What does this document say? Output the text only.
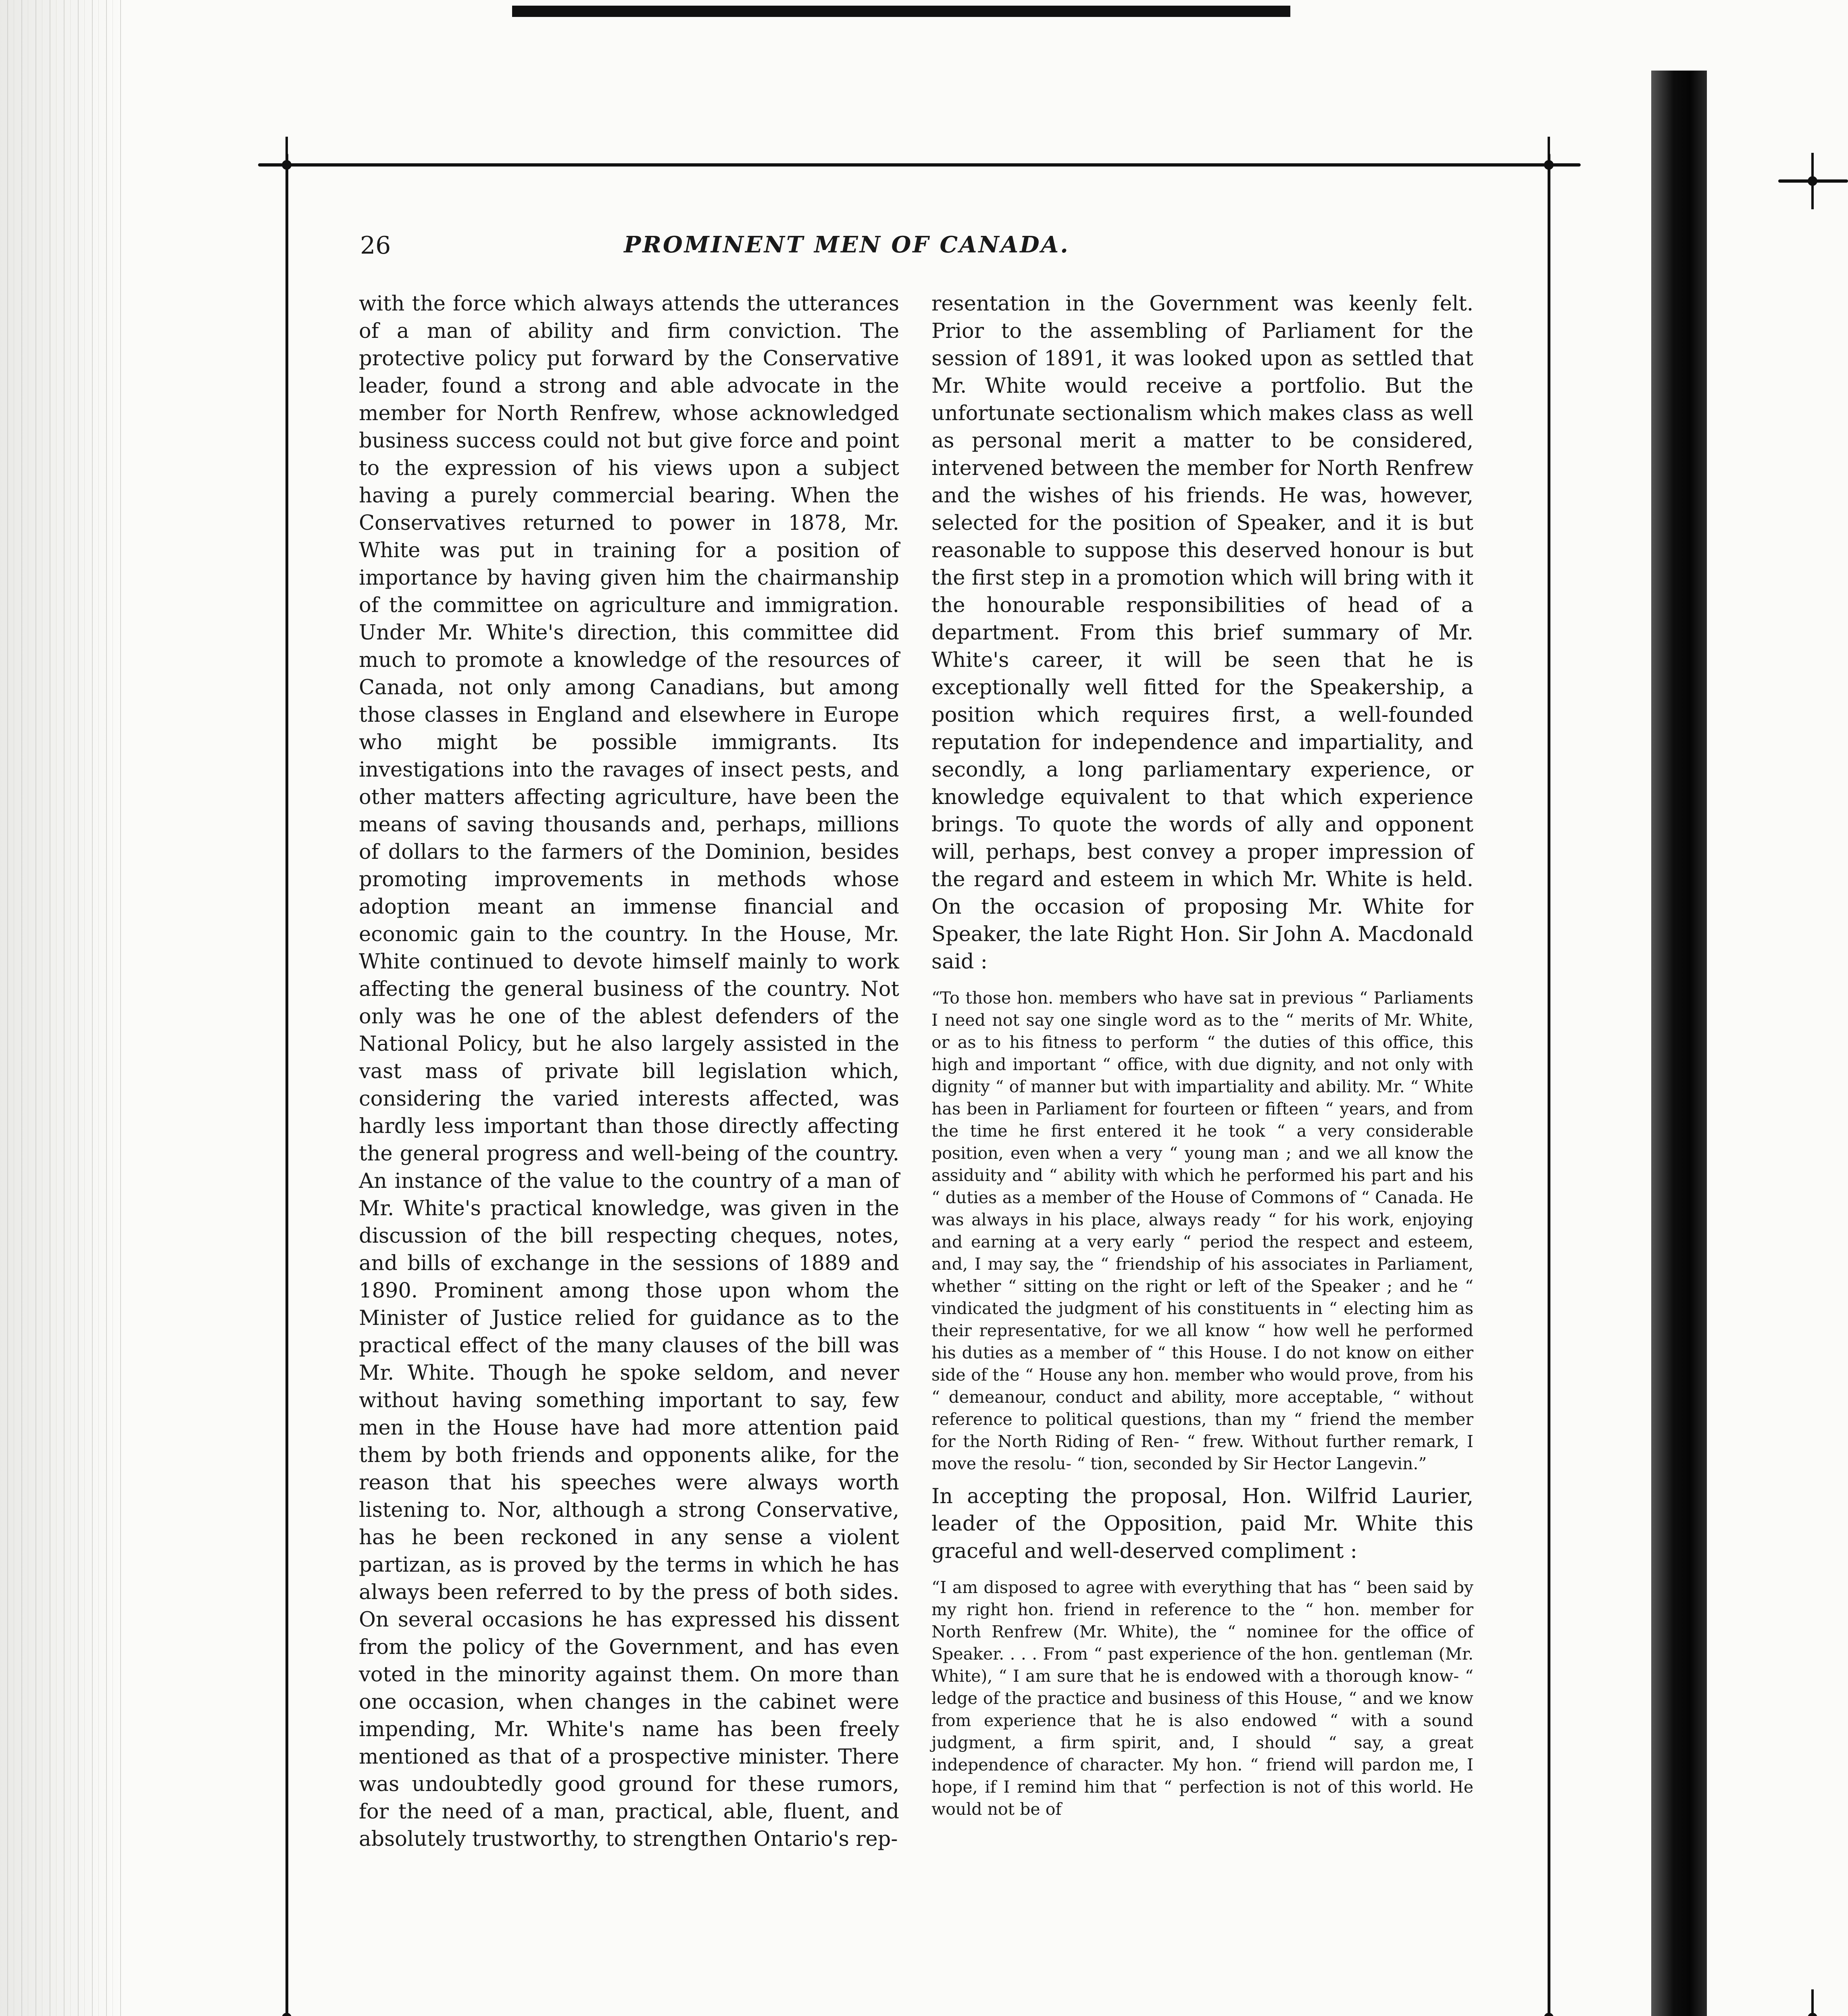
26	PROMINENT MEN OF CANADA.

with the force which always attends the utterances of a man of ability and firm conviction. The protective policy put forward by the Conservative leader, found a strong and able advocate in the member for North Renfrew, whose acknowledged business success could not but give force and point to the expression of his views upon a subject having a purely commercial bearing. When the Conservatives returned to power in 1878, Mr. White was put in training for a position of importance by having given him the chairmanship of the committee on agriculture and immigration. Under Mr. White's direction, this committee did much to promote a knowledge of the resources of Canada, not only among Canadians, but among those classes in England and elsewhere in Europe who might be possible immigrants. Its investigations into the ravages of insect pests, and other matters affecting agriculture, have been the means of saving thousands and, perhaps, millions of dollars to the farmers of the Dominion, besides promoting improvements in methods whose adoption meant an immense financial and economic gain to the country. In the House, Mr. White continued to devote himself mainly to work affecting the general business of the country. Not only was he one of the ablest defenders of the National Policy, but he also largely assisted in the vast mass of private bill legislation which, considering the varied interests affected, was hardly less important than those directly affecting the general progress and well-being of the country. An instance of the value to the country of a man of Mr. White's practical knowledge, was given in the discussion of the bill respecting cheques, notes, and bills of exchange in the sessions of 1889 and 1890. Prominent among those upon whom the Minister of Justice relied for guidance as to the practical effect of the many clauses of the bill was Mr. White. Though he spoke seldom, and never without having something important to say, few men in the House have had more attention paid them by both friends and opponents alike, for the reason that his speeches were always worth listening to. Nor, although a strong Conservative, has he been reckoned in any sense a violent partizan, as is proved by the terms in which he has always been referred to by the press of both sides. On several occasions he has expressed his dissent from the policy of the Government, and has even voted in the minority against them. On more than one occasion, when changes in the cabinet were impending, Mr. White's name has been freely mentioned as that of a prospective minister. There was undoubtedly good ground for these rumors, for the need of a man, practical, able, fluent, and absolutely trustworthy, to strengthen Ontario's rep-

resentation in the Government was keenly felt. Prior to the assembling of Parliament for the session of 1891, it was looked upon as settled that Mr. White would receive a portfolio. But the unfortunate sectionalism which makes class as well as personal merit a matter to be considered, intervened between the member for North Renfrew and the wishes of his friends. He was, however, selected for the position of Speaker, and it is but reasonable to suppose this deserved honour is but the first step in a promotion which will bring with it the honourable responsibilities of head of a department. From this brief summary of Mr. White's career, it will be seen that he is exceptionally well fitted for the Speakership, a position which requires first, a well-founded reputation for independence and impartiality, and secondly, a long parliamentary experience, or knowledge equivalent to that which experience brings. To quote the words of ally and opponent will, perhaps, best convey a proper impression of the regard and esteem in which Mr. White is held. On the occasion of proposing Mr. White for Speaker, the late Right Hon. Sir John A. Macdonald said :

“To those hon. members who have sat in previous “ Parliaments I need not say one single word as to the “ merits of Mr. White, or as to his fitness to perform “ the duties of this office, this high and important “ office, with due dignity, and not only with dignity “ of manner but with impartiality and ability. Mr. “ White has been in Parliament for fourteen or fifteen “ years, and from the time he first entered it he took “ a very considerable position, even when a very “ young man ; and we all know the assiduity and “ ability with which he performed his part and his “ duties as a member of the House of Commons of “ Canada. He was always in his place, always ready “ for his work, enjoying and earning at a very early “ period the respect and esteem, and, I may say, the “ friendship of his associates in Parliament, whether “ sitting on the right or left of the Speaker ; and he “ vindicated the judgment of his constituents in “ electing him as their representative, for we all know “ how well he performed his duties as a member of “ this House. I do not know on either side of the “ House any hon. member who would prove, from his “ demeanour, conduct and ability, more acceptable, “ without reference to political questions, than my “ friend the member for the North Riding of Ren- “ frew. Without further remark, I move the resolu- “ tion, seconded by Sir Hector Langevin.”

In accepting the proposal, Hon. Wilfrid Laurier, leader of the Opposition, paid Mr. White this graceful and well-deserved compliment :

“I am disposed to agree with everything that has “ been said by my right hon. friend in reference to the “ hon. member for North Renfrew (Mr. White), the “ nominee for the office of Speaker. . . . From “ past experience of the hon. gentleman (Mr. White), “ I am sure that he is endowed with a thorough know- “ ledge of the practice and business of this House, “ and we know from experience that he is also endowed “ with a sound judgment, a firm spirit, and, I should “ say, a great independence of character. My hon. “ friend will pardon me, I hope, if I remind him that “ perfection is not of this world. He would not be of
